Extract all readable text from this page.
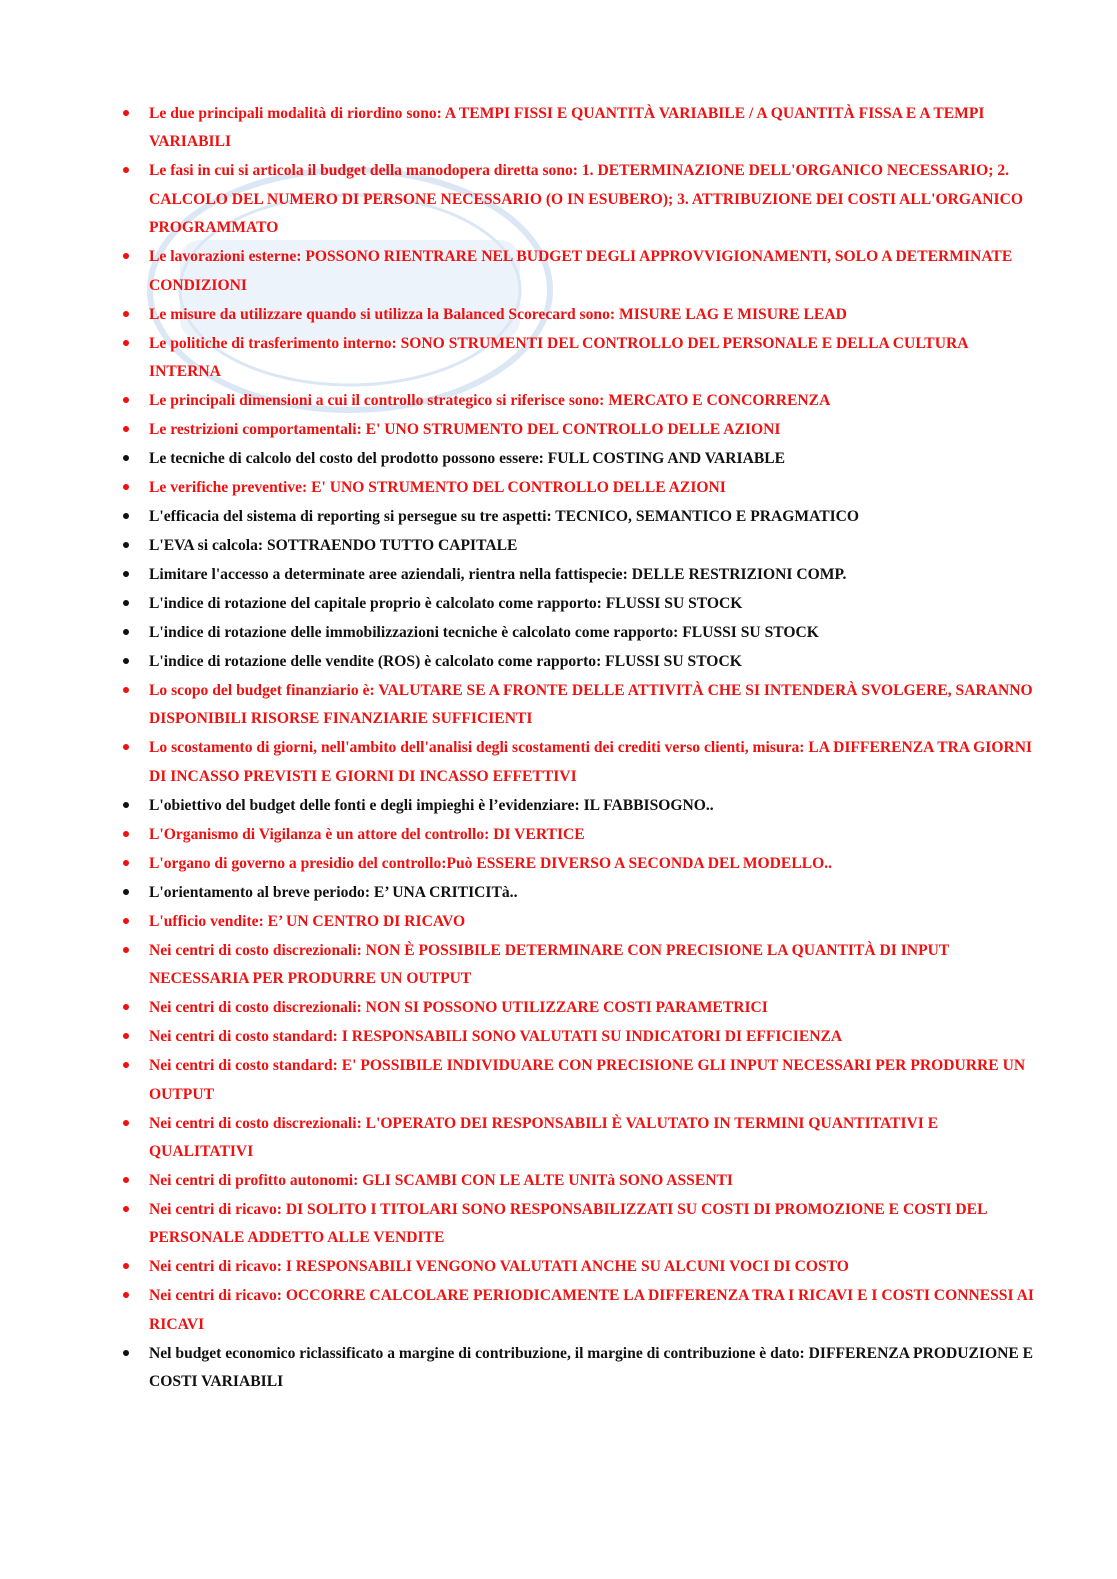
Le due principali modalità di riordino sono: A TEMPI FISSI E QUANTITÀ VARIABILE / A QUANTITÀ FISSA E A TEMPI VARIABILI
Le fasi in cui si articola il budget della manodopera diretta sono: 1. DETERMINAZIONE DELL'ORGANICO NECESSARIO; 2. CALCOLO DEL NUMERO DI PERSONE NECESSARIO (O IN ESUBERO); 3. ATTRIBUZIONE DEI COSTI ALL'ORGANICO PROGRAMMATO
Le lavorazioni esterne: POSSONO RIENTRARE NEL BUDGET DEGLI APPROVVIGIONAMENTI, SOLO A DETERMINATE CONDIZIONI
Le misure da utilizzare quando si utilizza la Balanced Scorecard sono: MISURE LAG E MISURE LEAD
Le politiche di trasferimento interno: SONO STRUMENTI DEL CONTROLLO DEL PERSONALE E DELLA CULTURA INTERNA
Le principali dimensioni a cui il controllo strategico si riferisce sono: MERCATO E CONCORRENZA
Le restrizioni comportamentali: E' UNO STRUMENTO DEL CONTROLLO DELLE AZIONI
Le tecniche di calcolo del costo del prodotto possono essere: FULL COSTING AND VARIABLE
Le verifiche preventive: E' UNO STRUMENTO DEL CONTROLLO DELLE AZIONI
L'efficacia del sistema di reporting si persegue su tre aspetti: TECNICO, SEMANTICO E PRAGMATICO
L'EVA si calcola: SOTTRAENDO TUTTO CAPITALE
Limitare l'accesso a determinate aree aziendali, rientra nella fattispecie: DELLE RESTRIZIONI COMP.
L'indice di rotazione del capitale proprio è calcolato come rapporto: FLUSSI SU STOCK
L'indice di rotazione delle immobilizzazioni tecniche è calcolato come rapporto: FLUSSI SU STOCK
L'indice di rotazione delle vendite (ROS) è calcolato come rapporto: FLUSSI SU STOCK
Lo scopo del budget finanziario è: VALUTARE SE A FRONTE DELLE ATTIVITÀ CHE SI INTENDERÀ SVOLGERE, SARANNO DISPONIBILI RISORSE FINANZIARIE SUFFICIENTI
Lo scostamento di giorni, nell'ambito dell'analisi degli scostamenti dei crediti verso clienti, misura: LA DIFFERENZA TRA GIORNI DI INCASSO PREVISTI E GIORNI DI INCASSO EFFETTIVI
L'obiettivo del budget delle fonti e degli impieghi è l’evidenziare: IL FABBISOGNO..
L'Organismo di Vigilanza è un attore del controllo: DI VERTICE
L'organo di governo a presidio del controllo:Può ESSERE DIVERSO A SECONDA DEL MODELLO..
L'orientamento al breve periodo: E’ UNA CRITICITà..
L'ufficio vendite: E’ UN CENTRO DI RICAVO
Nei centri di costo discrezionali: NON È POSSIBILE DETERMINARE CON PRECISIONE LA QUANTITÀ DI INPUT NECESSARIA PER PRODURRE UN OUTPUT
Nei centri di costo discrezionali: NON SI POSSONO UTILIZZARE COSTI PARAMETRICI
Nei centri di costo standard: I RESPONSABILI SONO VALUTATI SU INDICATORI DI EFFICIENZA
Nei centri di costo standard: E' POSSIBILE INDIVIDUARE CON PRECISIONE GLI INPUT NECESSARI PER PRODURRE UN OUTPUT
Nei centri di costo discrezionali: L'OPERATO DEI RESPONSABILI È VALUTATO IN TERMINI QUANTITATIVI E QUALITATIVI
Nei centri di profitto autonomi: GLI SCAMBI CON LE ALTE UNITà SONO ASSENTI
Nei centri di ricavo: DI SOLITO I TITOLARI SONO RESPONSABILIZZATI SU COSTI DI PROMOZIONE E COSTI DEL PERSONALE ADDETTO ALLE VENDITE
Nei centri di ricavo: I RESPONSABILI VENGONO VALUTATI ANCHE SU ALCUNI VOCI DI COSTO
Nei centri di ricavo: OCCORRE CALCOLARE PERIODICAMENTE LA DIFFERENZA TRA I RICAVI E I COSTI CONNESSI AI RICAVI
Nel budget economico riclassificato a margine di contribuzione, il margine di contribuzione è dato: DIFFERENZA PRODUZIONE E COSTI VARIABILI
